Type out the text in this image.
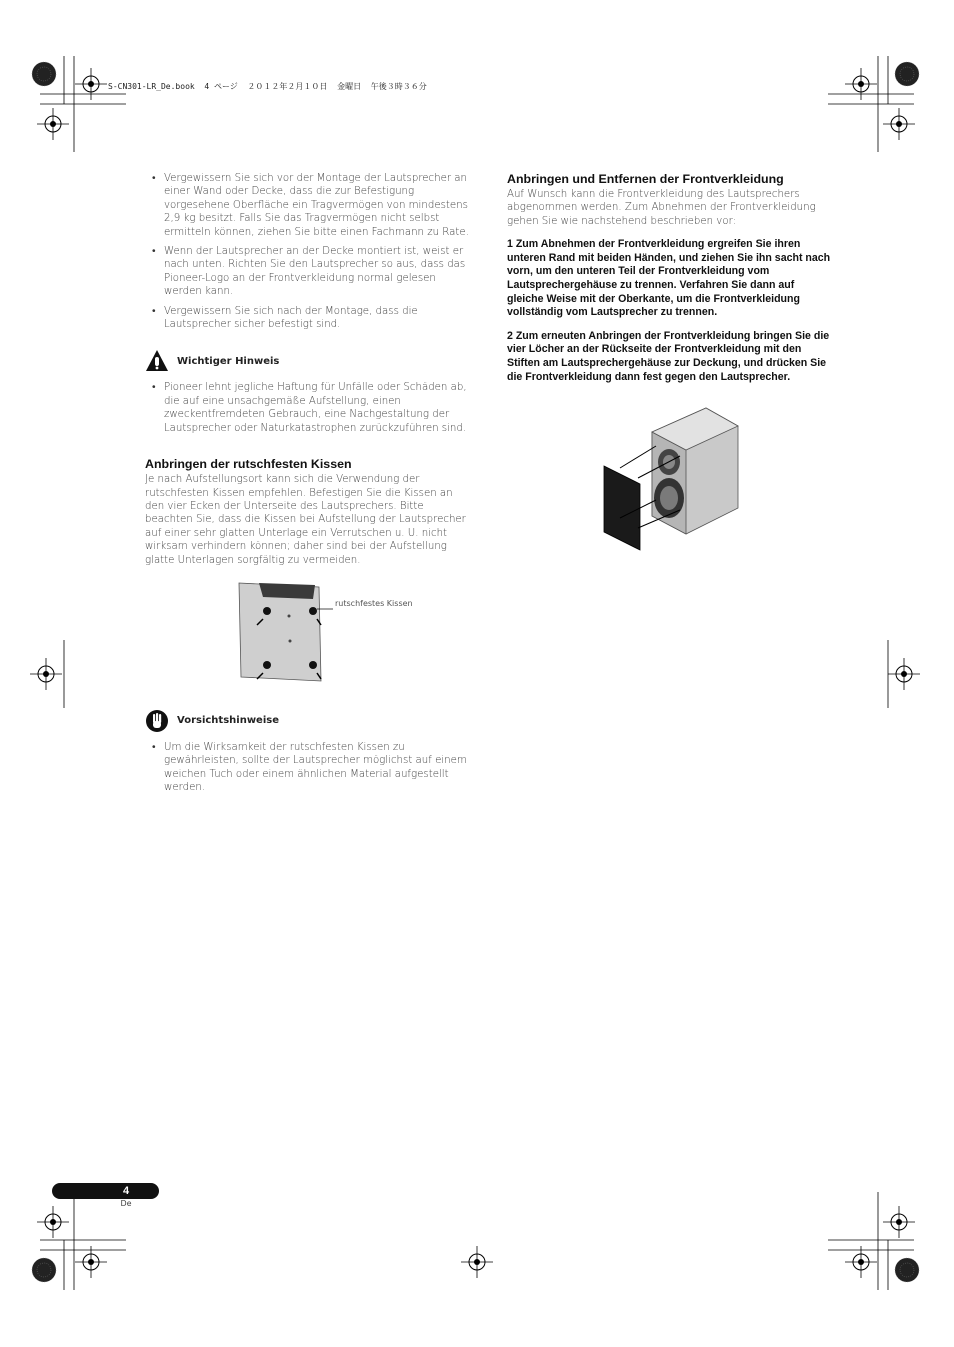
S-CN301-LR_De.book  4 ページ  ２０１２年２月１０日  金曜日  午後３時３６分
• Vergewissern Sie sich vor der Montage der Lautsprecher an einer Wand oder Decke, dass die zur Befestigung vorgesehene Oberfläche ein Tragvermögen von mindestens 2,9 kg besitzt. Falls Sie das Tragvermögen nicht selbst ermitteln können, ziehen Sie bitte einen Fachmann zu Rate.
• Wenn der Lautsprecher an der Decke montiert ist, weist er nach unten. Richten Sie den Lautsprecher so aus, dass das Pioneer-Logo an der Frontverkleidung normal gelesen werden kann.
• Vergewissern Sie sich nach der Montage, dass die Lautsprecher sicher befestigt sind.
Wichtiger Hinweis
• Pioneer lehnt jegliche Haftung für Unfälle oder Schäden ab, die auf eine unsachgemäße Aufstellung, einen zweckentfremdeten Gebrauch, eine Nachgestaltung der Lautsprecher oder Naturkatastrophen zurückzuführen sind.
Anbringen der rutschfesten Kissen

Je nach Aufstellungsort kann sich die Verwendung der rutschfesten Kissen empfehlen. Befestigen Sie die Kissen an den vier Ecken der Unterseite des Lautsprechers. Bitte beachten Sie, dass die Kissen bei Aufstellung der Lautsprecher auf einer sehr glatten Unterlage ein Verrutschen u. U. nicht wirksam verhindern können; daher sind bei der Aufstellung glatte Unterlagen sorgfältig zu vermeiden.

rutschfestes Kissen
Vorsichtshinweise
• Um die Wirksamkeit der rutschfesten Kissen zu gewährleisten, sollte der Lautsprecher möglichst auf einem weichen Tuch oder einem ähnlichen Material aufgestellt werden.
Anbringen und Entfernen der Frontverkleidung

Auf Wunsch kann die Frontverkleidung des Lautsprechers abgenommen werden. Zum Abnehmen der Frontverkleidung gehen Sie wie nachstehend beschrieben vor:

1 Zum Abnehmen der Frontverkleidung ergreifen Sie ihren unteren Rand mit beiden Händen, und ziehen Sie ihn sacht nach vorn, um den unteren Teil der Frontverkleidung vom Lautsprechergehäuse zu trennen. Verfahren Sie dann auf gleiche Weise mit der Oberkante, um die Frontverkleidung vollständig vom Lautsprecher zu trennen.

2 Zum erneuten Anbringen der Frontverkleidung bringen Sie die vier Löcher an der Rückseite der Frontverkleidung mit den Stiften am Lautsprechergehäuse zur Deckung, und drücken Sie die Frontverkleidung dann fest gegen den Lautsprecher.

4
De
